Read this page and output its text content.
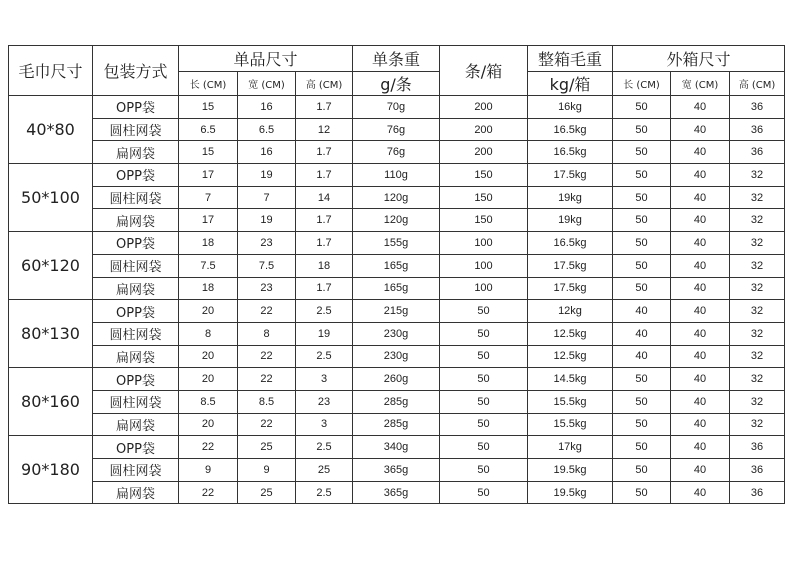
毛巾尺寸	包装方式	单品尺寸			单条重	条/箱	整箱毛重	外箱尺寸		
		长 (CM)	宽 (CM)	高 (CM)	g/条		kg/箱	长 (CM)	宽 (CM)	高 (CM)
40*80	OPP袋	15	16	1.7	70g	200	16kg	50	40	36
	圆柱网袋	6.5	6.5	12	76g	200	16.5kg	50	40	36
	扁网袋	15	16	1.7	76g	200	16.5kg	50	40	36
50*100	OPP袋	17	19	1.7	110g	150	17.5kg	50	40	32
	圆柱网袋	7	7	14	120g	150	19kg	50	40	32
	扁网袋	17	19	1.7	120g	150	19kg	50	40	32
60*120	OPP袋	18	23	1.7	155g	100	16.5kg	50	40	32
	圆柱网袋	7.5	7.5	18	165g	100	17.5kg	50	40	32
	扁网袋	18	23	1.7	165g	100	17.5kg	50	40	32
80*130	OPP袋	20	22	2.5	215g	50	12kg	40	40	32
	圆柱网袋	8	8	19	230g	50	12.5kg	40	40	32
	扁网袋	20	22	2.5	230g	50	12.5kg	40	40	32
80*160	OPP袋	20	22	3	260g	50	14.5kg	50	40	32
	圆柱网袋	8.5	8.5	23	285g	50	15.5kg	50	40	32
	扁网袋	20	22	3	285g	50	15.5kg	50	40	32
90*180	OPP袋	22	25	2.5	340g	50	17kg	50	40	36
	圆柱网袋	9	9	25	365g	50	19.5kg	50	40	36
	扁网袋	22	25	2.5	365g	50	19.5kg	50	40	36
